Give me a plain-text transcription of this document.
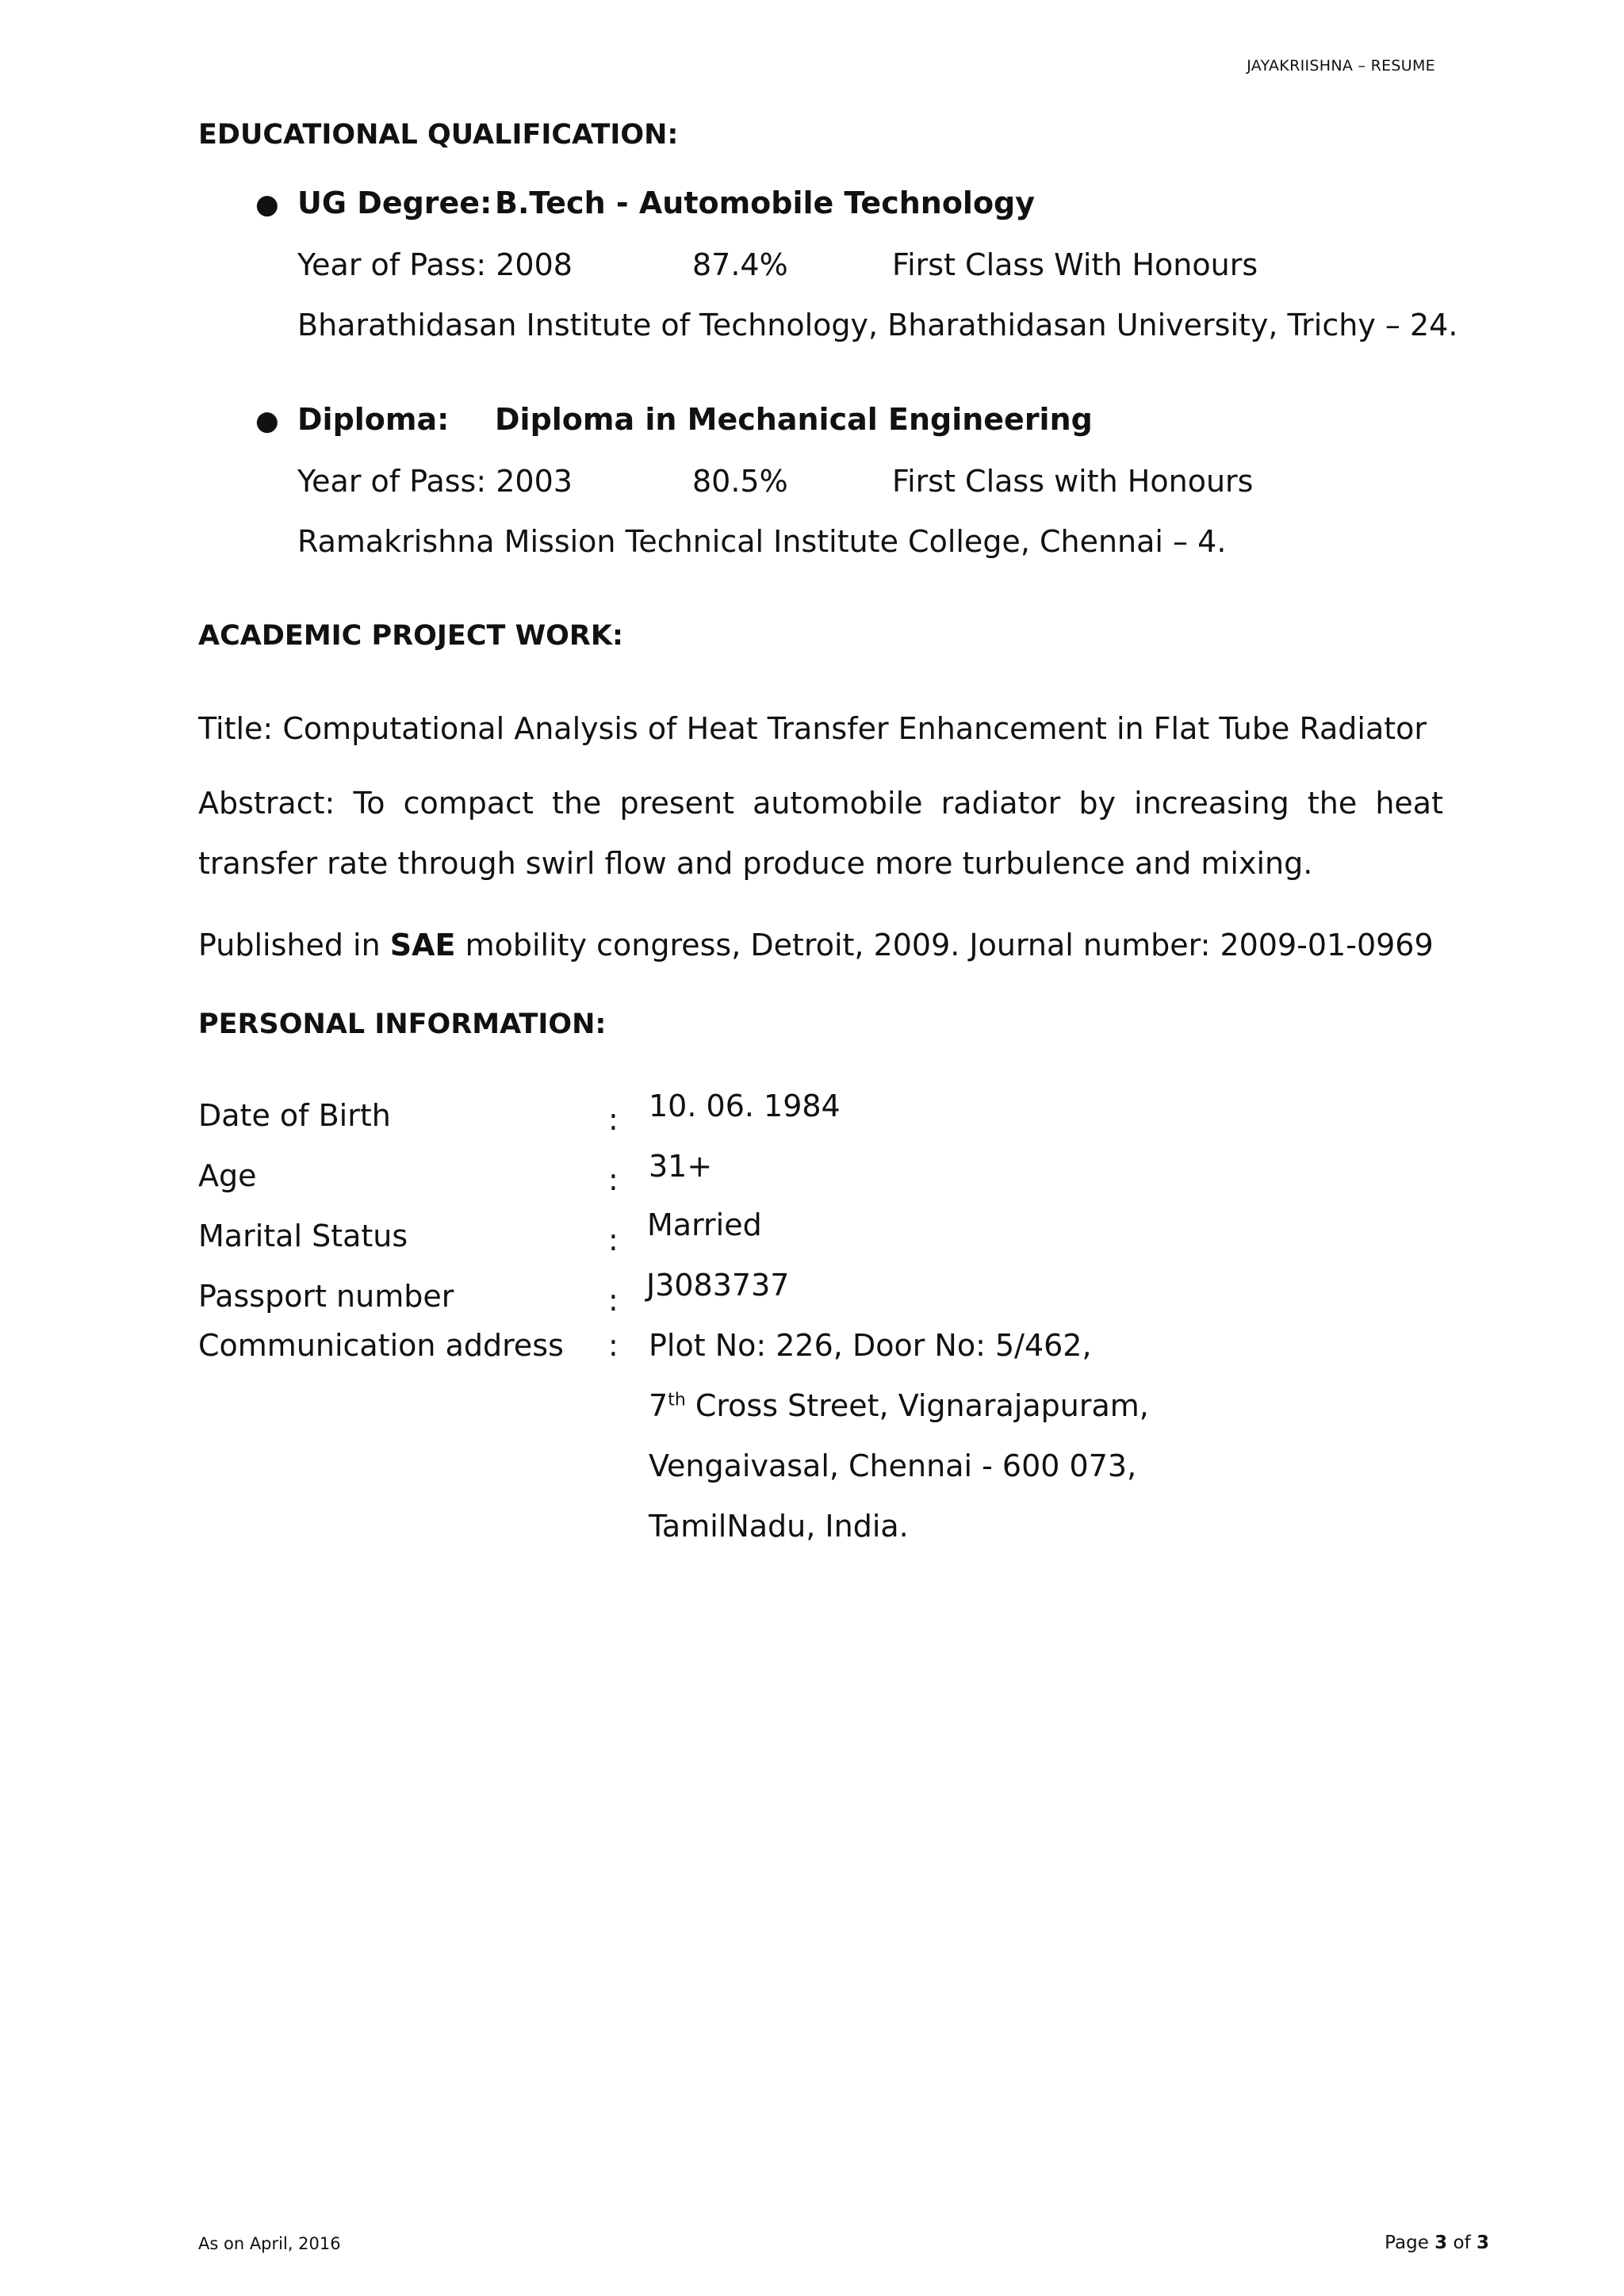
JAYAKRIISHNA – RESUME
EDUCATIONAL QUALIFICATION:
● UG Degree: B.Tech - Automobile Technology
Year of Pass: 2008	87.4%	First Class With Honours
Bharathidasan Institute of Technology, Bharathidasan University, Trichy – 24.
● Diploma: Diploma in Mechanical Engineering
Year of Pass: 2003	80.5%	First Class with Honours
Ramakrishna Mission Technical Institute College, Chennai – 4.
ACADEMIC PROJECT WORK:
Title: Computational Analysis of Heat Transfer Enhancement in Flat Tube Radiator
Abstract: To compact the present automobile radiator by increasing the heat transfer rate through swirl flow and produce more turbulence and mixing.
Published in SAE mobility congress, Detroit, 2009. Journal number: 2009-01-0969
PERSONAL INFORMATION:
Date of Birth	: 10. 06. 1984
Age	: 31+
Marital Status	: Married
Passport number	: J3083737
Communication address : Plot No: 226, Door No: 5/462,
7th Cross Street, Vignarajapuram,
Vengaivasal, Chennai - 600 073,
TamilNadu, India.
As on April, 2016	Page 3 of 3
